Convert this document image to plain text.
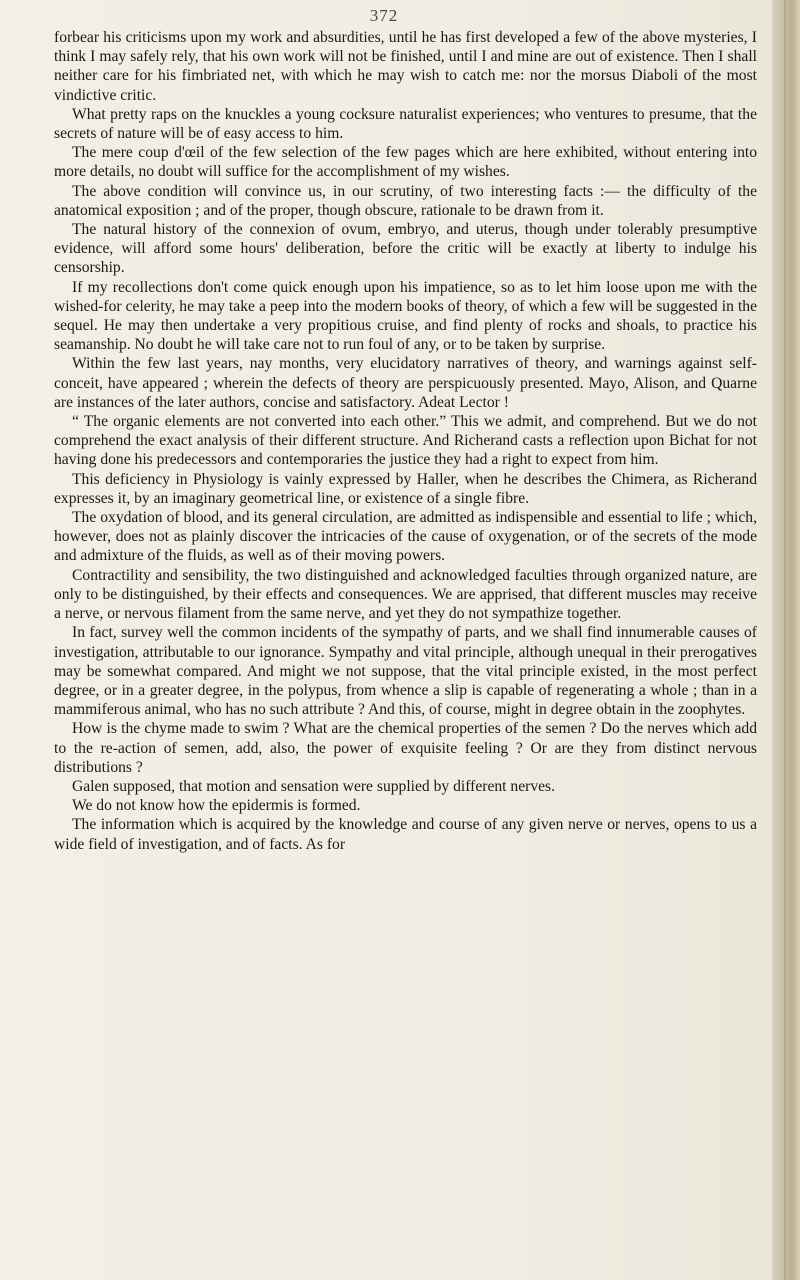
372

forbear his criticisms upon my work and absurdities, until he has first developed a few of the above mysteries, I think I may safely rely, that his own work will not be finished, until I and mine are out of existence. Then I shall neither care for his fimbriated net, with which he may wish to catch me: nor the morsus Diaboli of the most vindictive critic.

What pretty raps on the knuckles a young cocksure naturalist experiences; who ventures to presume, that the secrets of nature will be of easy access to him.

The mere coup d'œil of the few selection of the few pages which are here exhibited, without entering into more details, no doubt will suffice for the accomplishment of my wishes.

The above condition will convince us, in our scrutiny, of two interesting facts :— the difficulty of the anatomical exposition ; and of the proper, though obscure, rationale to be drawn from it.

The natural history of the connexion of ovum, embryo, and uterus, though under tolerably presumptive evidence, will afford some hours' deliberation, before the critic will be exactly at liberty to indulge his censorship.

If my recollections don't come quick enough upon his impatience, so as to let him loose upon me with the wished-for celerity, he may take a peep into the modern books of theory, of which a few will be suggested in the sequel. He may then undertake a very propitious cruise, and find plenty of rocks and shoals, to practice his seamanship. No doubt he will take care not to run foul of any, or to be taken by surprise.

Within the few last years, nay months, very elucidatory narratives of theory, and warnings against self-conceit, have appeared ; wherein the defects of theory are perspicuously presented. Mayo, Alison, and Quarne are instances of the later authors, concise and satisfactory. Adeat Lector !

“ The organic elements are not converted into each other.” This we admit, and comprehend. But we do not comprehend the exact analysis of their different structure. And Richerand casts a reflection upon Bichat for not having done his predecessors and contemporaries the justice they had a right to expect from him.

This deficiency in Physiology is vainly expressed by Haller, when he describes the Chimera, as Richerand expresses it, by an imaginary geometrical line, or existence of a single fibre.

The oxydation of blood, and its general circulation, are admitted as indispensible and essential to life ; which, however, does not as plainly discover the intricacies of the cause of oxygenation, or of the secrets of the mode and admixture of the fluids, as well as of their moving powers.

Contractility and sensibility, the two distinguished and acknowledged faculties through organized nature, are only to be distinguished, by their effects and consequences. We are apprised, that different muscles may receive a nerve, or nervous filament from the same nerve, and yet they do not sympathize together.

In fact, survey well the common incidents of the sympathy of parts, and we shall find innumerable causes of investigation, attributable to our ignorance. Sympathy and vital principle, although unequal in their prerogatives may be somewhat compared. And might we not suppose, that the vital principle existed, in the most perfect degree, or in a greater degree, in the polypus, from whence a slip is capable of regenerating a whole ; than in a mammiferous animal, who has no such attribute ? And this, of course, might in degree obtain in the zoophytes.

How is the chyme made to swim ? What are the chemical properties of the semen ? Do the nerves which add to the re-action of semen, add, also, the power of exquisite feeling ? Or are they from distinct nervous distributions ?

Galen supposed, that motion and sensation were supplied by different nerves.

We do not know how the epidermis is formed.

The information which is acquired by the knowledge and course of any given nerve or nerves, opens to us a wide field of investigation, and of facts. As for
